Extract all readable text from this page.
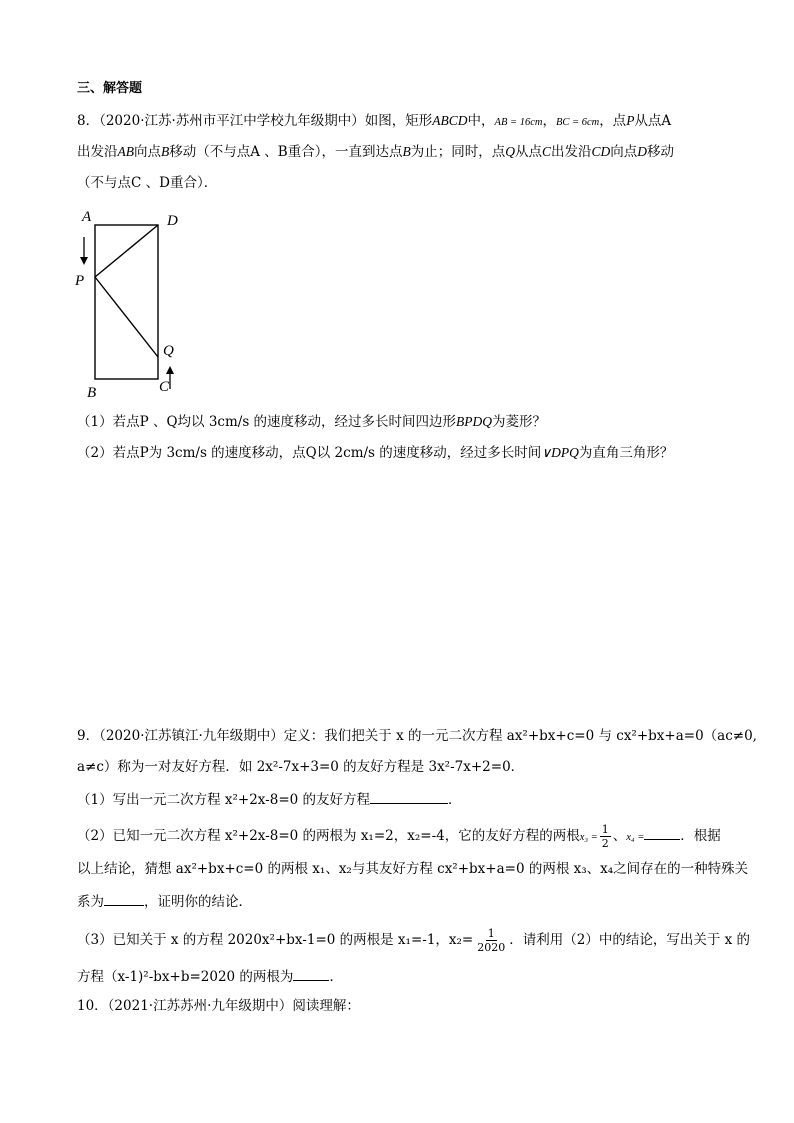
三、解答题
8．（2020·江苏·苏州市平江中学校九年级期中）如图，矩形ABCD中，AB = 16cm，BC = 6cm，点P从点A
出发沿AB向点B移动（不与点A 、B重合），一直到达点B为止；同时，点Q从点C出发沿CD向点D移动
（不与点C 、D重合）．
A	D
P
Q
B	C
（1）若点P 、Q均以 3cm/s 的速度移动，经过多长时间四边形BPDQ为菱形？
（2）若点P为 3cm/s 的速度移动，点Q以 2cm/s 的速度移动，经过多长时间∨DPQ为直角三角形？
9．（2020·江苏镇江·九年级期中）定义：我们把关于 x 的一元二次方程 ax²+bx+c=0 与 cx²+bx+a=0（ac≠0,
a≠c）称为一对友好方程．如 2x²-7x+3=0 的友好方程是 3x²-7x+2=0．
（1）写出一元二次方程 x²+2x-8=0 的友好方程	．
（2）已知一元二次方程 x²+2x-8=0 的两根为 x₁=2，x₂=-4，它的友好方程的两根$x_3 = \frac{1}{2}$ 、x₄ =	．根据
以上结论，猜想 ax²+bx+c=0 的两根 x₁、x₂与其友好方程 cx²+bx+a=0 的两根 x₃、x₄之间存在的一种特殊关
系为	，证明你的结论．
（3）已知关于 x 的方程 2020x²+bx-1=0 的两根是 x₁=-1，$x_2= \frac{1}{2020}$ ．请利用（2）中的结论，写出关于 x 的
方程（x-1)²-bx+b=2020 的两根为	．
10．（2021·江苏苏州·九年级期中）阅读理解：
